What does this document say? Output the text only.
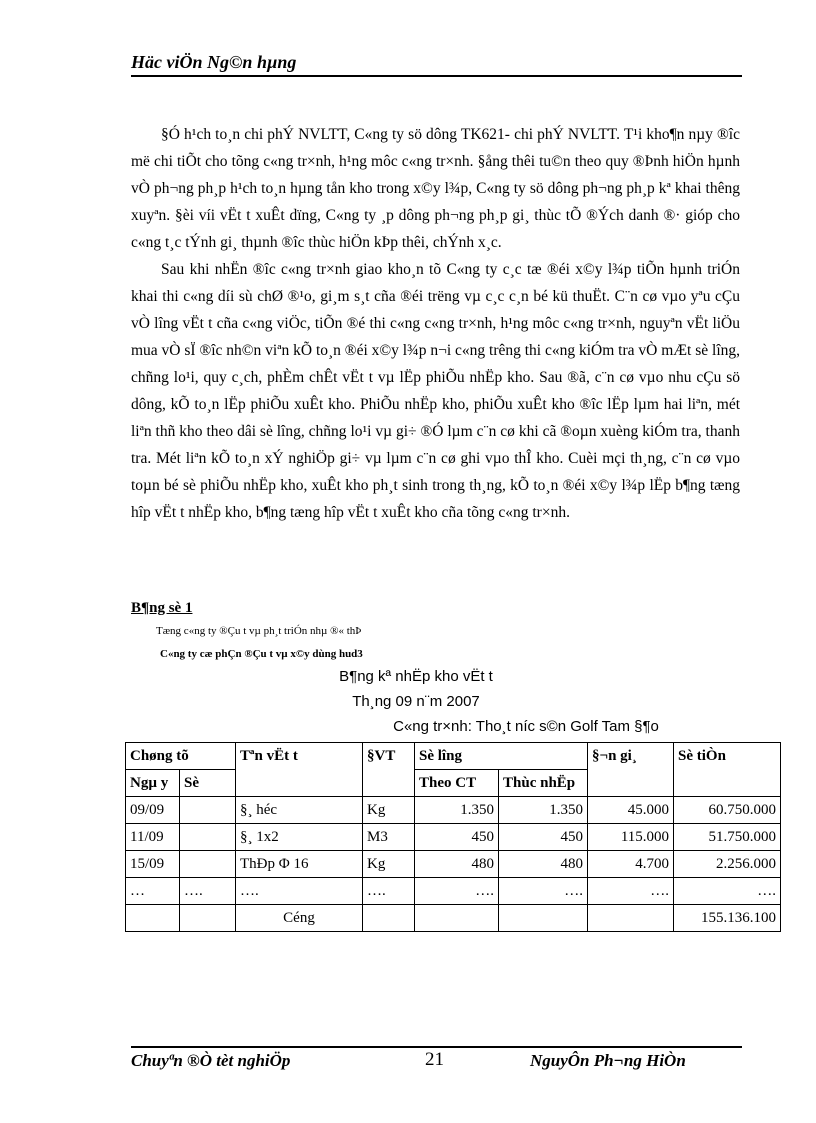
Häc viÖn Ng©n hµng

§Ó h¹ch to¸n chi phÝ NVLTT, C«ng ty sö dông TK621- chi phÝ NVLTT. T¹i kho¶n nµy ®îc më chi tiÕt cho tõng c«ng tr×nh, h¹ng môc c«ng tr×nh. §ång thêi tu©n theo quy ®Þnh hiÖn hµnh vÒ ph¬ng ph¸p h¹ch to¸n hµng tån kho trong x©y l¾p, C«ng ty sö dông ph¬ng ph¸p kª khai thêng xuyªn. §èi víi vËt t xuÊt dïng, C«ng ty ¸p dông ph¬ng ph¸p gi¸ thùc tÕ ®Ých danh ®· gióp cho c«ng t¸c tÝnh gi¸ thµnh ®îc thùc hiÖn kÞp thêi, chÝnh x¸c.

Sau khi nhËn ®îc c«ng tr×nh giao kho¸n tõ C«ng ty c¸c tæ ®éi x©y l¾p tiÕn hµnh triÓn khai thi c«ng díi sù chØ ®¹o, gi¸m s¸t cña ®éi trëng vµ c¸c c¸n bé kü thuËt. C¨n cø vµo yªu cÇu vÒ lîng vËt t cña c«ng viÖc, tiÕn ®é thi c«ng c«ng tr×nh, h¹ng môc c«ng tr×nh, nguyªn vËt liÖu mua vÒ sÏ ®îc nh©n viªn kÕ to¸n ®éi x©y l¾p n¬i c«ng trêng thi c«ng kiÓm tra vÒ mÆt sè lîng, chñng lo¹i, quy c¸ch, phÈm chÊt vËt t vµ lËp phiÕu nhËp kho. Sau ®ã, c¨n cø vµo nhu cÇu sö dông, kÕ to¸n lËp phiÕu xuÊt kho. PhiÕu nhËp kho, phiÕu xuÊt kho ®îc lËp lµm hai liªn, mét liªn thñ kho theo dâi sè lîng, chñng lo¹i vµ gi÷ ®Ó lµm c¨n cø khi cã ®oµn xuèng kiÓm tra, thanh tra. Mét liªn kÕ to¸n xÝ nghiÖp gi÷ vµ lµm c¨n cø ghi vµo thÎ kho. Cuèi mçi th¸ng, c¨n cø vµo toµn bé sè phiÕu nhËp kho, xuÊt kho ph¸t sinh trong th¸ng, kÕ to¸n ®éi x©y l¾p lËp b¶ng tæng hîp vËt t nhËp kho, b¶ng tæng hîp vËt t xuÊt kho cña tõng c«ng tr×nh.

B¶ng sè 1
Tæng c«ng ty ®Çu t vµ ph¸t triÓn nhµ ®« thÞ
C«ng ty cæ phÇn ®Çu t vµ x©y dùng hud3
B¶ng kª nhËp kho vËt t
Th¸ng 09 n¨m 2007
C«ng tr×nh: Tho¸t níc s©n Golf Tam §¶o
Chøng tõ		Tªn vËt t	§VT	Sè lîng		§¬n gi¸	Sè tiÒn
Ngµ y	Sè			Theo CT	Thùc nhËp		
09/09		§¸ héc	Kg	1.350	1.350	45.000	60.750.000
11/09		§¸ 1x2	M3	450	450	115.000	51.750.000
15/09		ThÐp Φ 16	Kg	480	480	4.700	2.256.000
…	….	….	….	….	….	….	….
		Céng					155.136.100
Chuyªn ®Ò tèt nghiÖp	21	NguyÔn Ph¬ng HiÒn
